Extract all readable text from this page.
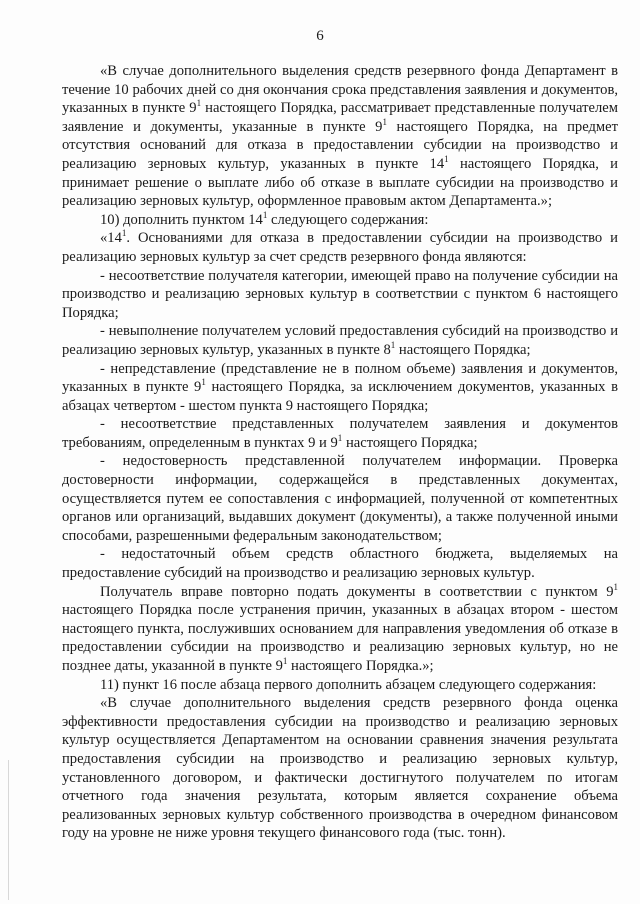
6

«В случае дополнительного выделения средств резервного фонда Департамент в течение 10 рабочих дней со дня окончания срока представления заявления и документов, указанных в пункте $9^1$ настоящего Порядка, рассматривает представленные получателем заявление и документы, указанные в пункте $9^1$ настоящего Порядка, на предмет отсутствия оснований для отказа в предоставлении субсидии на производство и реализацию зерновых культур, указанных в пункте $14^1$ настоящего Порядка, и принимает решение о выплате либо об отказе в выплате субсидии на производство и реализацию зерновых культур, оформленное правовым актом Департамента.»;

10) дополнить пунктом $14^1$ следующего содержания:

«$14^1$. Основаниями для отказа в предоставлении субсидии на производство и реализацию зерновых культур за счет средств резервного фонда являются:

- несоответствие получателя категории, имеющей право на получение субсидии на производство и реализацию зерновых культур в соответствии с пунктом 6 настоящего Порядка;

- невыполнение получателем условий предоставления субсидий на производство и реализацию зерновых культур, указанных в пункте $8^1$ настоящего Порядка;

- непредставление (представление не в полном объеме) заявления и документов, указанных в пункте $9^1$ настоящего Порядка, за исключением документов, указанных в абзацах четвертом - шестом пункта 9 настоящего Порядка;

- несоответствие представленных получателем заявления и документов требованиям, определенным в пунктах 9 и $9^1$ настоящего Порядка;

- недостоверность представленной получателем информации. Проверка достоверности информации, содержащейся в представленных документах, осуществляется путем ее сопоставления с информацией, полученной от компетентных органов или организаций, выдавших документ (документы), а также полученной иными способами, разрешенными федеральным законодательством;

- недостаточный объем средств областного бюджета, выделяемых на предоставление субсидий на производство и реализацию зерновых культур.

Получатель вправе повторно подать документы в соответствии с пунктом $9^1$ настоящего Порядка после устранения причин, указанных в абзацах втором - шестом настоящего пункта, послуживших основанием для направления уведомления об отказе в предоставлении субсидии на производство и реализацию зерновых культур, но не позднее даты, указанной в пункте $9^1$ настоящего Порядка.»;

11) пункт 16 после абзаца первого дополнить абзацем следующего содержания:

«В случае дополнительного выделения средств резервного фонда оценка эффективности предоставления субсидии на производство и реализацию зерновых культур осуществляется Департаментом на основании сравнения значения результата предоставления субсидии на производство и реализацию зерновых культур, установленного договором, и фактически достигнутого получателем по итогам отчетного года значения результата, которым является сохранение объема реализованных зерновых культур собственного производства в очередном финансовом году на уровне не ниже уровня текущего финансового года (тыс. тонн).
